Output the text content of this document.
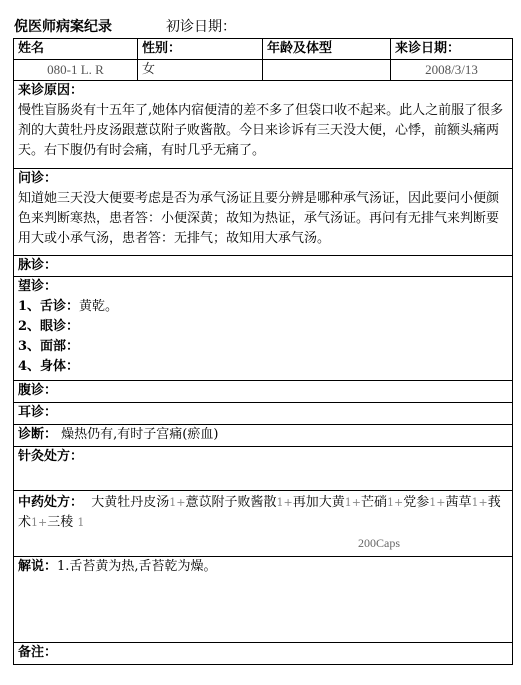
倪医师病案纪录	初诊日期：
姓名	性别：	年龄及体型	来诊日期：
080-1 L. R	女		2008/3/13

来诊原因：
慢性盲肠炎有十五年了,她体内宿便清的差不多了但袋口收不起来。此人之前服了很多剂的大黄牡丹皮汤跟薏苡附子败酱散。今日来诊诉有三天没大便，心悸，前额头痛两天。右下腹仍有时会痛，有时几乎无痛了。			

问诊：
知道她三天没大便要考虑是否为承气汤证且要分辨是哪种承气汤证，因此要问小便颜色来判断寒热，患者答：小便深黄；故知为热证，承气汤证。再问有无排气来判断要用大或小承气汤，患者答：无排气；故知用大承气汤。			

脉诊：			

望诊：
1、舌诊：黄乾。
2、眼诊：
3、面部：
4、身体：			

腹诊：			
耳诊：			
诊断： 燥热仍有,有时子宫痛(瘀血)			
针灸处方：			

中药处方： 大黄牡丹皮汤1+薏苡附子败酱散1+再加大黄1+芒硝1+党参1+茜草1+莪术1+三稜 1
200Caps			

解说：1.舌苔黄为热,舌苔乾为燥。			
备注：			
